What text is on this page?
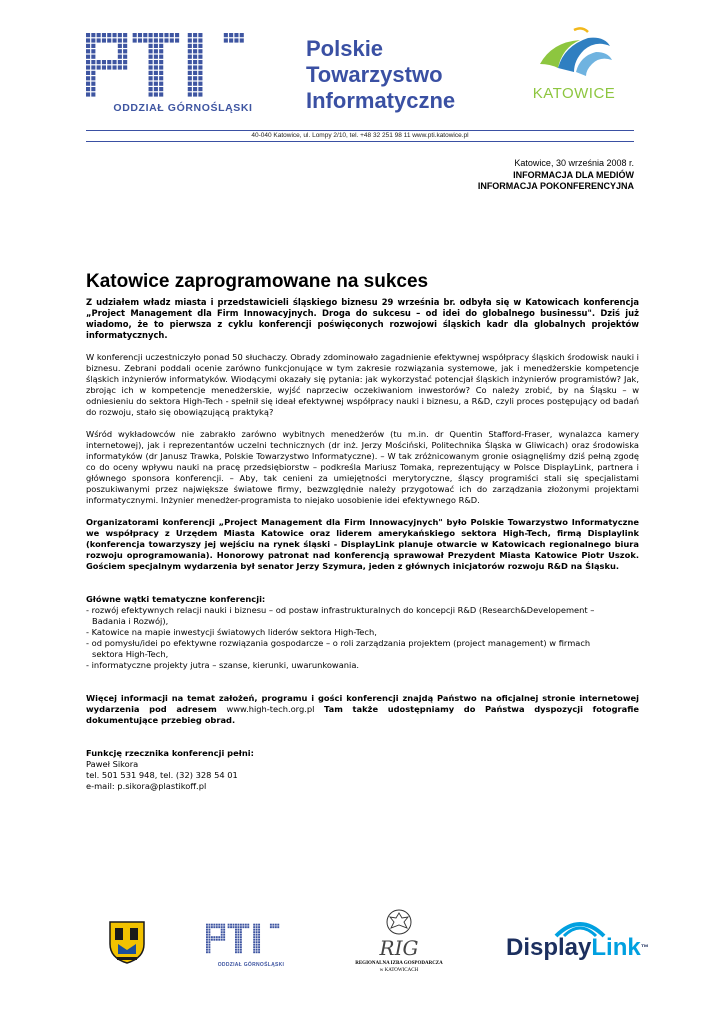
ODDZIAŁ GÓRNOŚLĄSKI
Polskie
Towarzystwo
Informatyczne	KATOWICE
40-040 Katowice, ul. Lompy 2/10, tel. +48 32 251 98 11 www.pti.katowice.pl
Katowice, 30 września 2008 r.
INFORMACJA DLA MEDIÓW
INFORMACJA POKONFERENCYJNA
Katowice zaprogramowane na sukces

Z udziałem władz miasta i przedstawicieli śląskiego biznesu 29 września br. odbyła się w Katowicach konferencja „Project Management dla Firm Innowacyjnych. Droga do sukcesu – od idei do globalnego businessu". Dziś już wiadomo, że to pierwsza z cyklu konferencji poświęconych rozwojowi śląskich kadr dla globalnych projektów informatycznych.

W konferencji uczestniczyło ponad 50 słuchaczy. Obrady zdominowało zagadnienie efektywnej współpracy śląskich środowisk nauki i biznesu. Zebrani poddali ocenie zarówno funkcjonujące w tym zakresie rozwiązania systemowe, jak i menedżerskie kompetencje śląskich inżynierów informatyków. Wiodącymi okazały się pytania: jak wykorzystać potencjał śląskich inżynierów programistów? Jak, zbrojąc ich w kompetencje menedżerskie, wyjść naprzeciw oczekiwaniom inwestorów? Co należy zrobić, by na Śląsku – w odniesieniu do sektora High-Tech - spełnił się ideał efektywnej współpracy nauki i biznesu, a R&D, czyli proces postępujący od badań do rozwoju, stało się obowiązującą praktyką?

Wśród wykładowców nie zabrakło zarówno wybitnych menedżerów (tu m.in. dr Quentin Stafford-Fraser, wynalazca kamery internetowej), jak i reprezentantów uczelni technicznych (dr inż. Jerzy Mościński, Politechnika Śląska w Gliwicach) oraz środowiska informatyków (dr Janusz Trawka, Polskie Towarzystwo Informatyczne). – W tak zróżnicowanym gronie osiągnęliśmy dziś pełną zgodę co do oceny wpływu nauki na pracę przedsiębiorstw – podkreśla Mariusz Tomaka, reprezentujący w Polsce DisplayLink, partnera i głównego sponsora konferencji. – Aby, tak cenieni za umiejętności merytoryczne, śląscy programiści stali się specjalistami poszukiwanymi przez największe światowe firmy, bezwzględnie należy przygotować ich do zarządzania złożonymi projektami informatycznymi. Inżynier menedżer-programista to niejako uosobienie idei efektywnego R&D.

Organizatorami konferencji „Project Management dla Firm Innowacyjnych" było Polskie Towarzystwo Informatyczne we współpracy z Urzędem Miasta Katowice oraz liderem amerykańskiego sektora High-Tech, firmą Displaylink (konferencja towarzyszy jej wejściu na rynek śląski - DisplayLink planuje otwarcie w Katowicach regionalnego biura rozwoju oprogramowania). Honorowy patronat nad konferencją sprawował Prezydent Miasta Katowice Piotr Uszok. Gościem specjalnym wydarzenia był senator Jerzy Szymura, jeden z głównych inicjatorów rozwoju R&D na Śląsku.

Główne wątki tematyczne konferencji:
- rozwój efektywnych relacji nauki i biznesu – od postaw infrastrukturalnych do koncepcji R&D (Research&Developement –
Badania i Rozwój),
- Katowice na mapie inwestycji światowych liderów sektora High-Tech,
- od pomysłu/idei po efektywne rozwiązania gospodarcze – o roli zarządzania projektem (project management) w firmach
sektora High-Tech,
- informatyczne projekty jutra – szanse, kierunki, uwarunkowania.

Więcej informacji na temat założeń, programu i gości konferencji znajdą Państwo na oficjalnej stronie internetowej wydarzenia pod adresem www.high-tech.org.pl Tam także udostępniamy do Państwa dyspozycji fotografie dokumentujące przebieg obrad.

Funkcję rzecznika konferencji pełni:
Paweł Sikora
tel. 501 531 948, tel. (32) 328 54 01
e-mail: p.sikora@plastikoff.pl
ODDZIAŁ GÓRNOŚLĄSKI
RIG
REGIONALNA IZBA GOSPODARCZA
w KATOWICACH
DisplayLink™
